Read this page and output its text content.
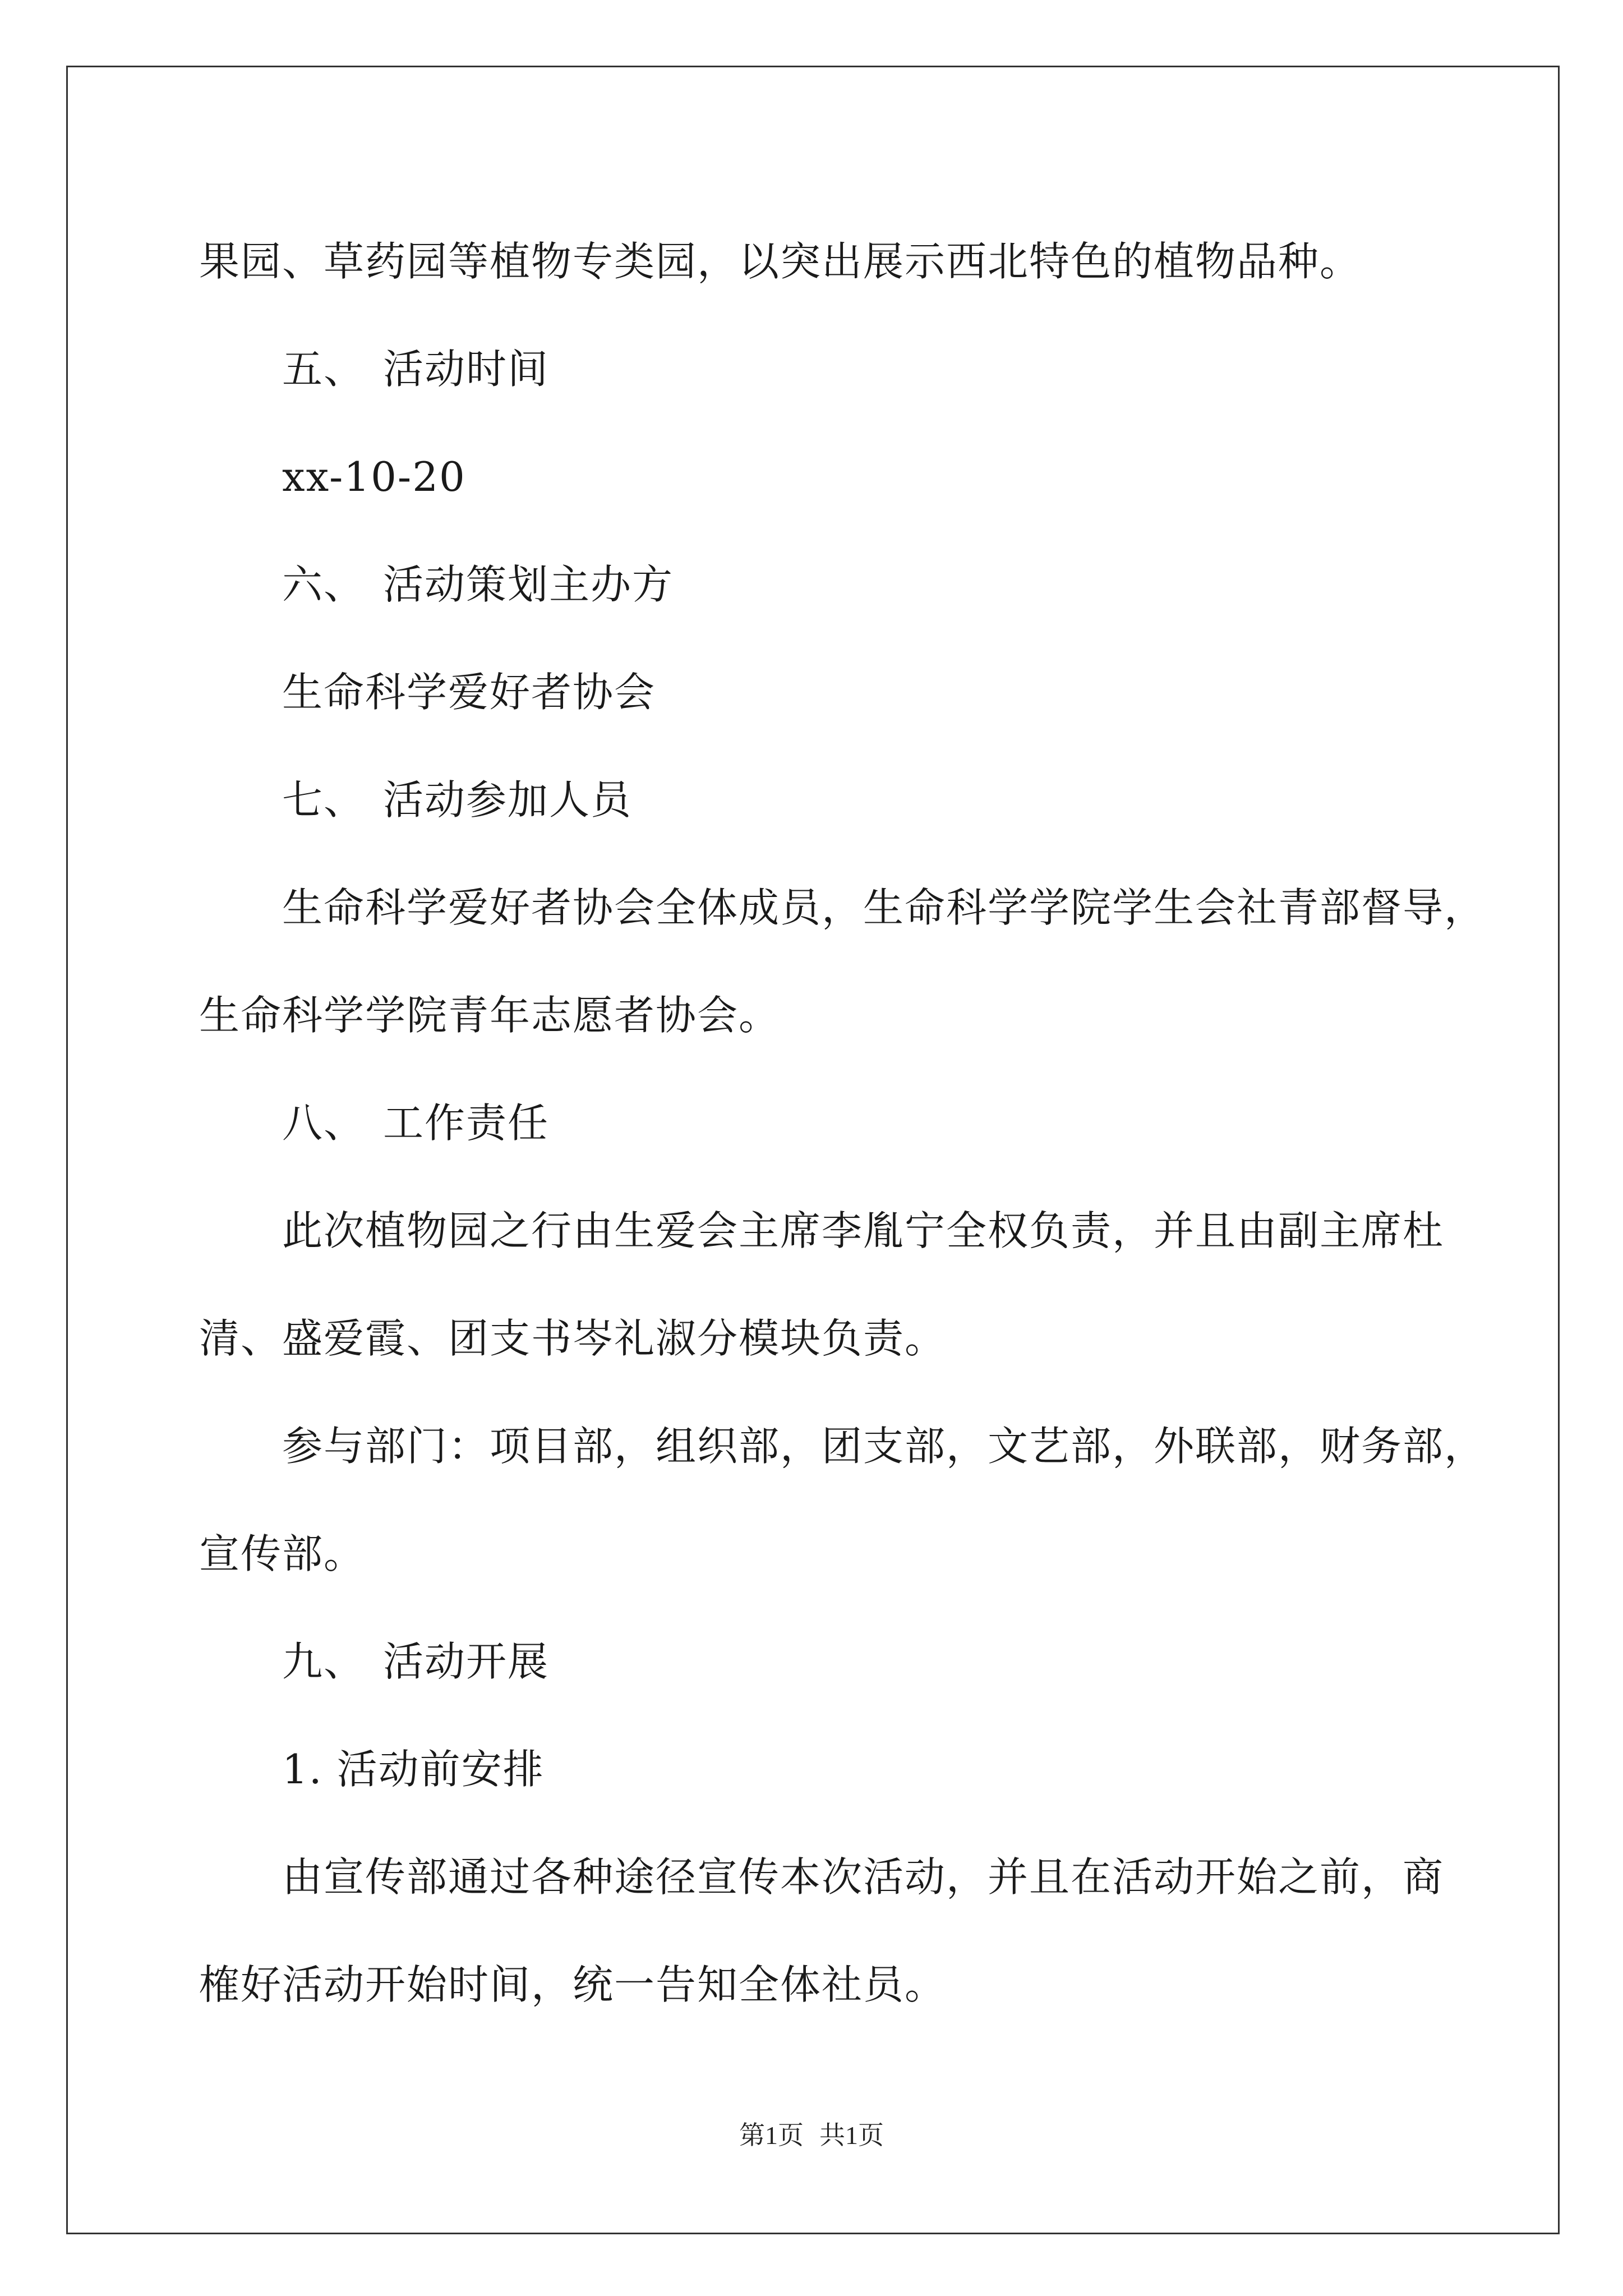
果园、草药园等植物专类园，以突出展示西北特色的植物品种。

五、 活动时间

xx-10-20

六、 活动策划主办方

生命科学爱好者协会

七、 活动参加人员

生命科学爱好者协会全体成员，生命科学学院学生会社青部督导，

生命科学学院青年志愿者协会。

八、 工作责任

此次植物园之行由生爱会主席李胤宁全权负责，并且由副主席杜

清、盛爱霞、团支书岑礼淑分模块负责。

参与部门：项目部，组织部，团支部，文艺部，外联部，财务部，

宣传部。

九、 活动开展

1. 活动前安排

由宣传部通过各种途径宣传本次活动，并且在活动开始之前，商

榷好活动开始时间，统一告知全体社员。

第1页 共1页
